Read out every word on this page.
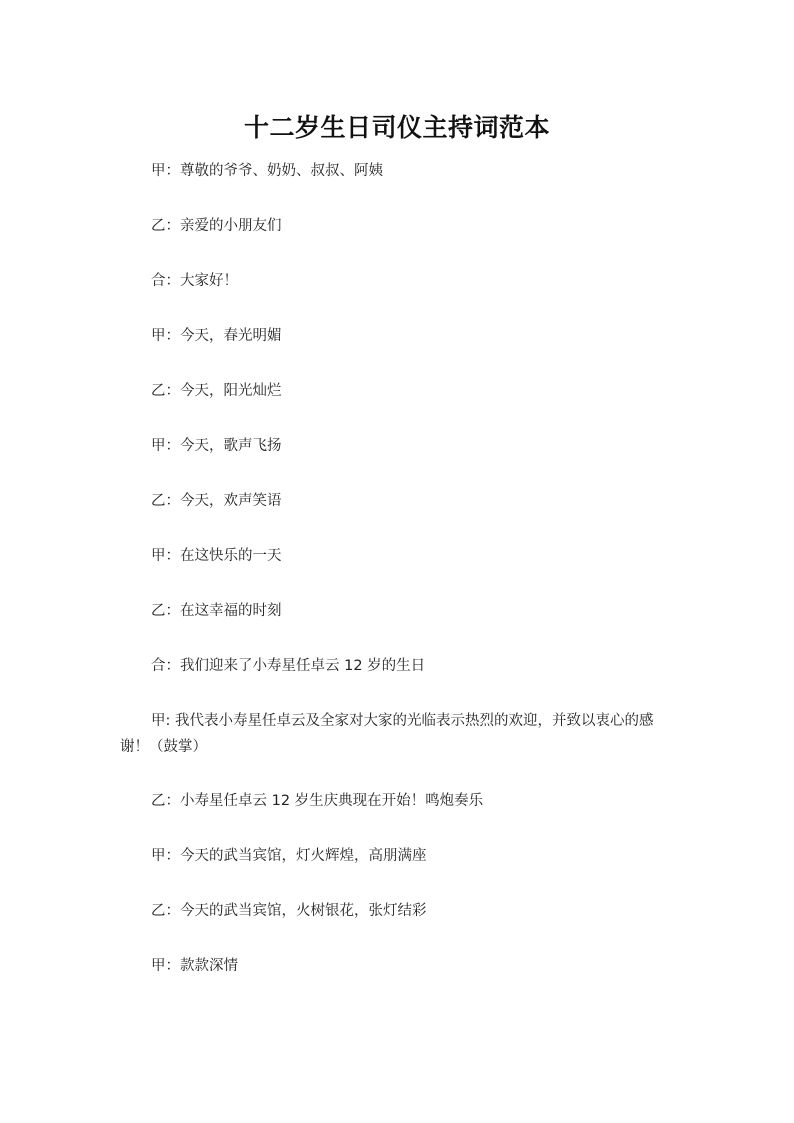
十二岁生日司仪主持词范本

甲：尊敬的爷爷、奶奶、叔叔、阿姨

乙：亲爱的小朋友们

合：大家好！

甲：今天，春光明媚

乙：今天，阳光灿烂

甲：今天，歌声飞扬

乙：今天，欢声笑语

甲：在这快乐的一天

乙：在这幸福的时刻

合：我们迎来了小寿星任卓云 12 岁的生日

甲: 我代表小寿星任卓云及全家对大家的光临表示热烈的欢迎，并致以衷心的感谢！（鼓掌）

乙：小寿星任卓云 12 岁生庆典现在开始！鸣炮奏乐

甲：今天的武当宾馆，灯火辉煌，高朋满座

乙：今天的武当宾馆，火树银花，张灯结彩

甲：款款深情
